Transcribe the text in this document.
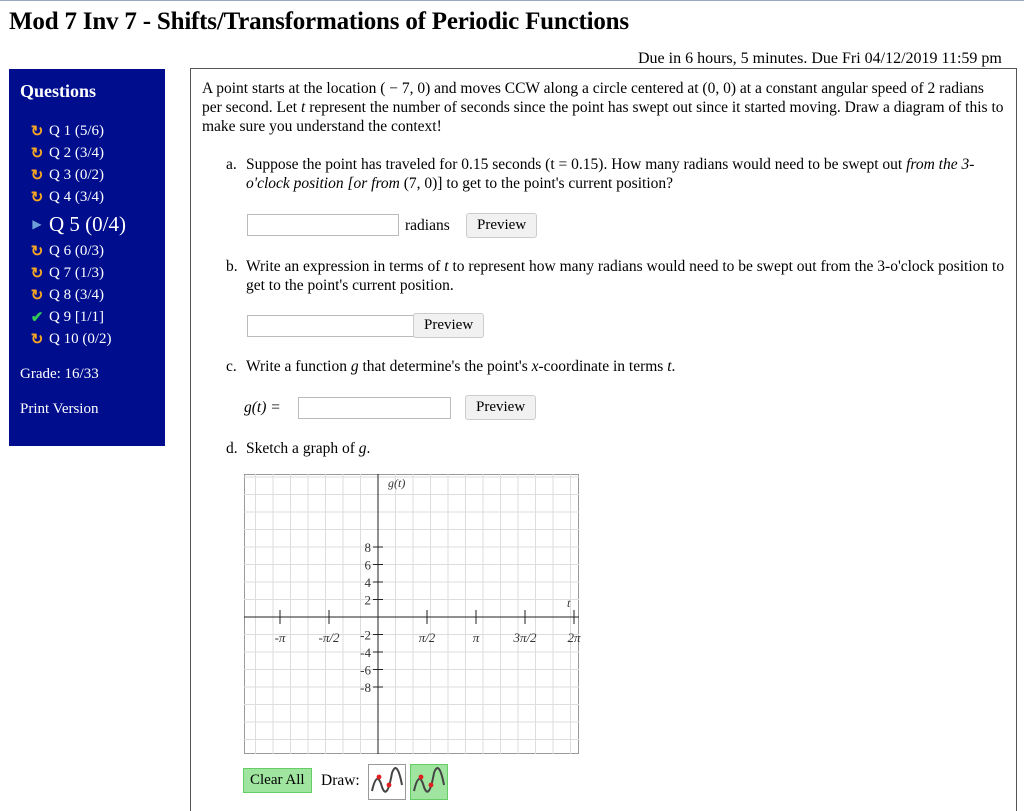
Mod 7 Inv 7 - Shifts/Transformations of Periodic Functions
Due in 6 hours, 5 minutes. Due Fri 04/12/2019 11:59 pm
Questions
↻ Q 1 (5/6)
↻ Q 2 (3/4)
↻ Q 3 (0/2)
↻ Q 4 (3/4)
▶ Q 5 (0/4)
↻ Q 6 (0/3)
↻ Q 7 (1/3)
↻ Q 8 (3/4)
✔ Q 9 [1/1]
↻ Q 10 (0/2)
Grade: 16/33
Print Version
A point starts at the location ( − 7, 0) and moves CCW along a circle centered at (0, 0) at a constant angular speed of 2 radians per second. Let t represent the number of seconds since the point has swept out since it started moving. Draw a diagram of this to make sure you understand the context!
a. Suppose the point has traveled for 0.15 seconds (t = 0.15). How many radians would need to be swept out from the 3-o'clock position [or from (7, 0)] to get to the point's current position?
radians	Preview
b. Write an expression in terms of t to represent how many radians would need to be swept out from the 3-o'clock position to get to the point's current position.
Preview
c. Write a function g that determine's the point's x-coordinate in terms t.
g(t) =	Preview
d. Sketch a graph of g.
8
6
4
2
-2
-4
-6
-8
-π	-π/2	π/2	π	3π/2 2π
g(t)
t
Clear All	Draw:
